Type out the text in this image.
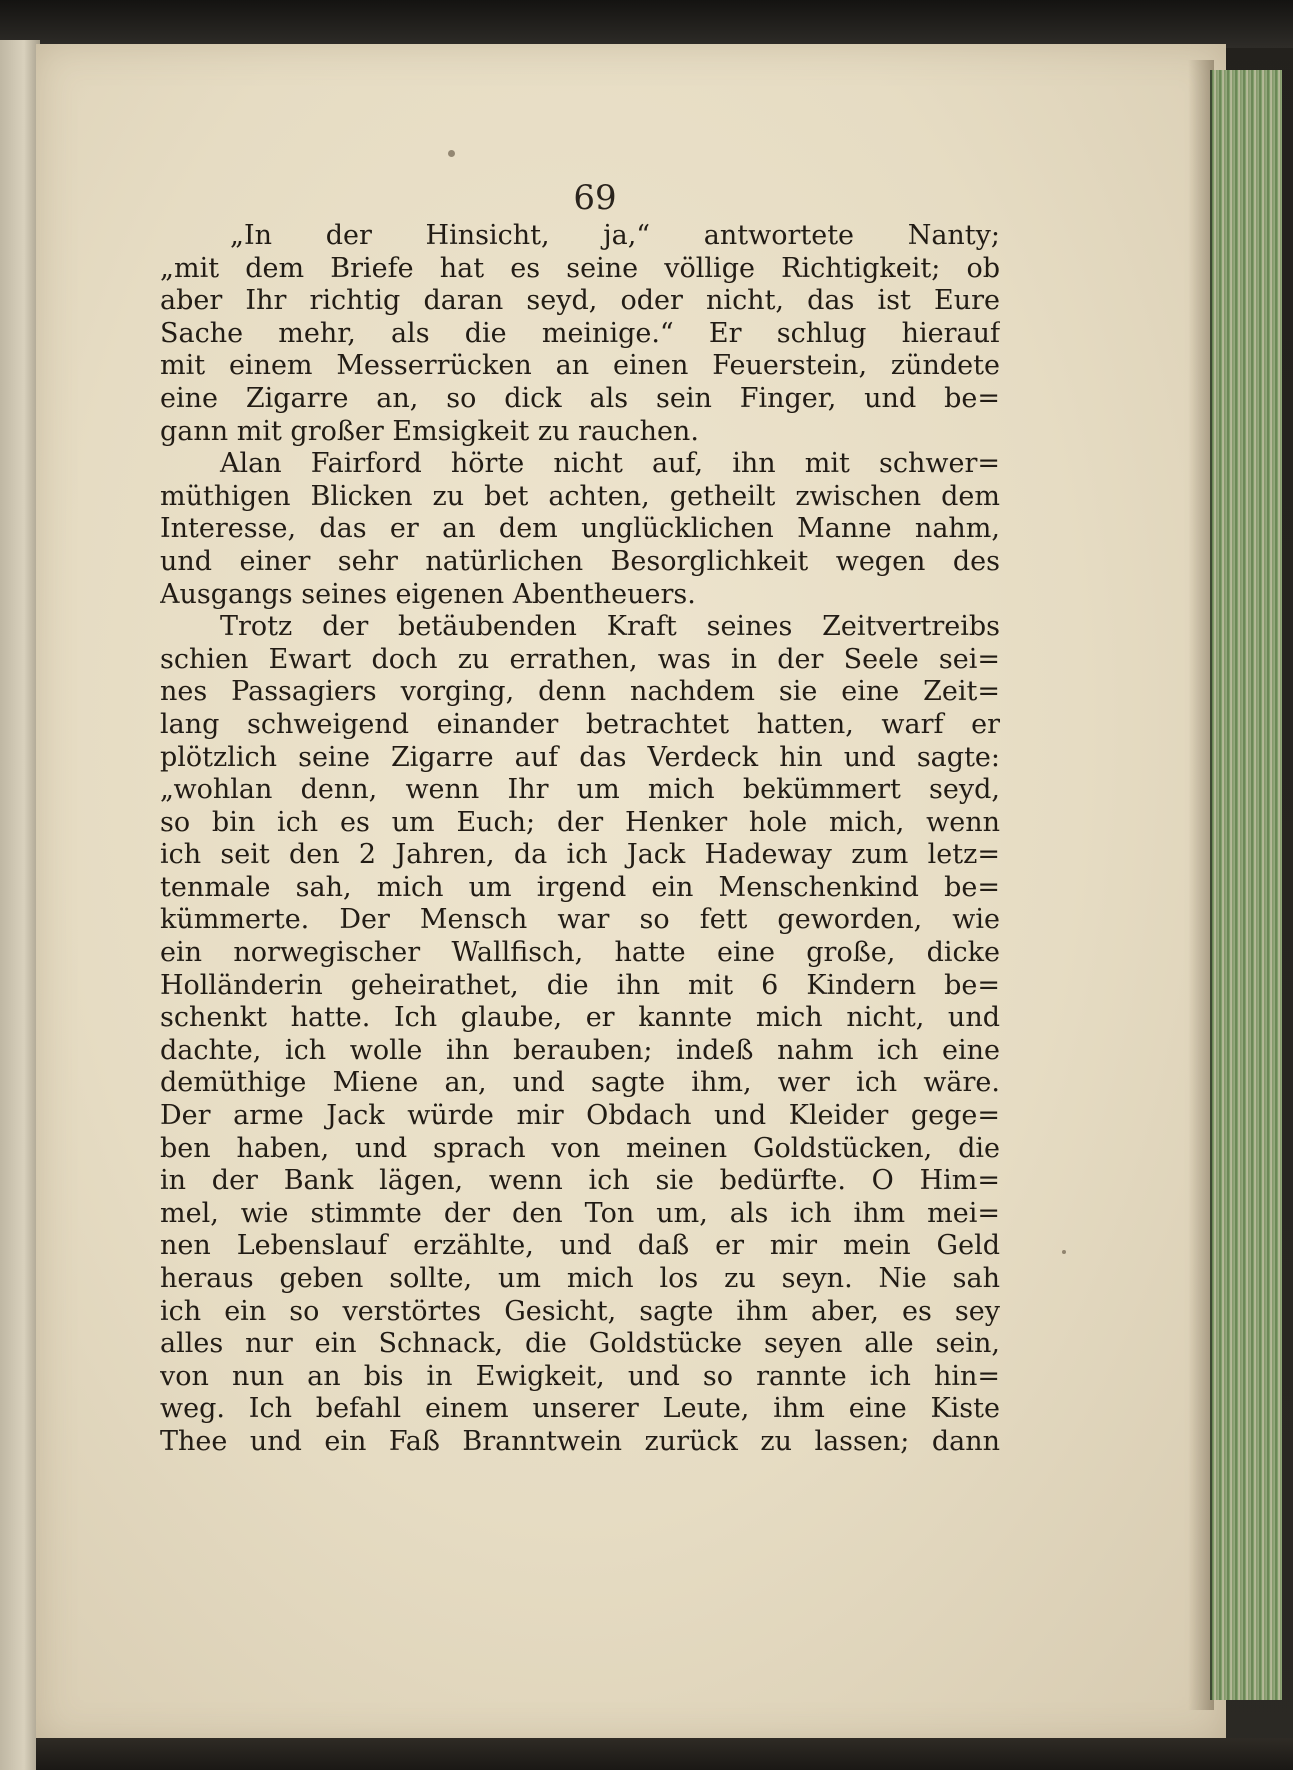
69
„In der Hinsicht, ja,“ antwortete Nanty;
„mit dem Briefe hat es seine völlige Richtigkeit; ob
aber Ihr richtig daran seyd, oder nicht, das ist Eure
Sache mehr, als die meinige.“ Er schlug hierauf
mit einem Messerrücken an einen Feuerstein, zündete
eine Zigarre an, so dick als sein Finger, und be=
gann mit großer Emsigkeit zu rauchen.
Alan Fairford hörte nicht auf, ihn mit schwer=
müthigen Blicken zu bet achten, getheilt zwischen dem
Interesse, das er an dem unglücklichen Manne nahm,
und einer sehr natürlichen Besorglichkeit wegen des
Ausgangs seines eigenen Abentheuers.
Trotz der betäubenden Kraft seines Zeitvertreibs
schien Ewart doch zu errathen, was in der Seele sei=
nes Passagiers vorging, denn nachdem sie eine Zeit=
lang schweigend einander betrachtet hatten, warf er
plötzlich seine Zigarre auf das Verdeck hin und sagte:
„wohlan denn, wenn Ihr um mich bekümmert seyd,
so bin ich es um Euch; der Henker hole mich, wenn
ich seit den 2 Jahren, da ich Jack Hadeway zum letz=
tenmale sah, mich um irgend ein Menschenkind be=
kümmerte. Der Mensch war so fett geworden, wie
ein norwegischer Wallfisch, hatte eine große, dicke
Holländerin geheirathet, die ihn mit 6 Kindern be=
schenkt hatte. Ich glaube, er kannte mich nicht, und
dachte, ich wolle ihn berauben; indeß nahm ich eine
demüthige Miene an, und sagte ihm, wer ich wäre.
Der arme Jack würde mir Obdach und Kleider gege=
ben haben, und sprach von meinen Goldstücken, die
in der Bank lägen, wenn ich sie bedürfte. O Him=
mel, wie stimmte der den Ton um, als ich ihm mei=
nen Lebenslauf erzählte, und daß er mir mein Geld
heraus geben sollte, um mich los zu seyn. Nie sah
ich ein so verstörtes Gesicht, sagte ihm aber, es sey
alles nur ein Schnack, die Goldstücke seyen alle sein,
von nun an bis in Ewigkeit, und so rannte ich hin=
weg. Ich befahl einem unserer Leute, ihm eine Kiste
Thee und ein Faß Branntwein zurück zu lassen; dann
